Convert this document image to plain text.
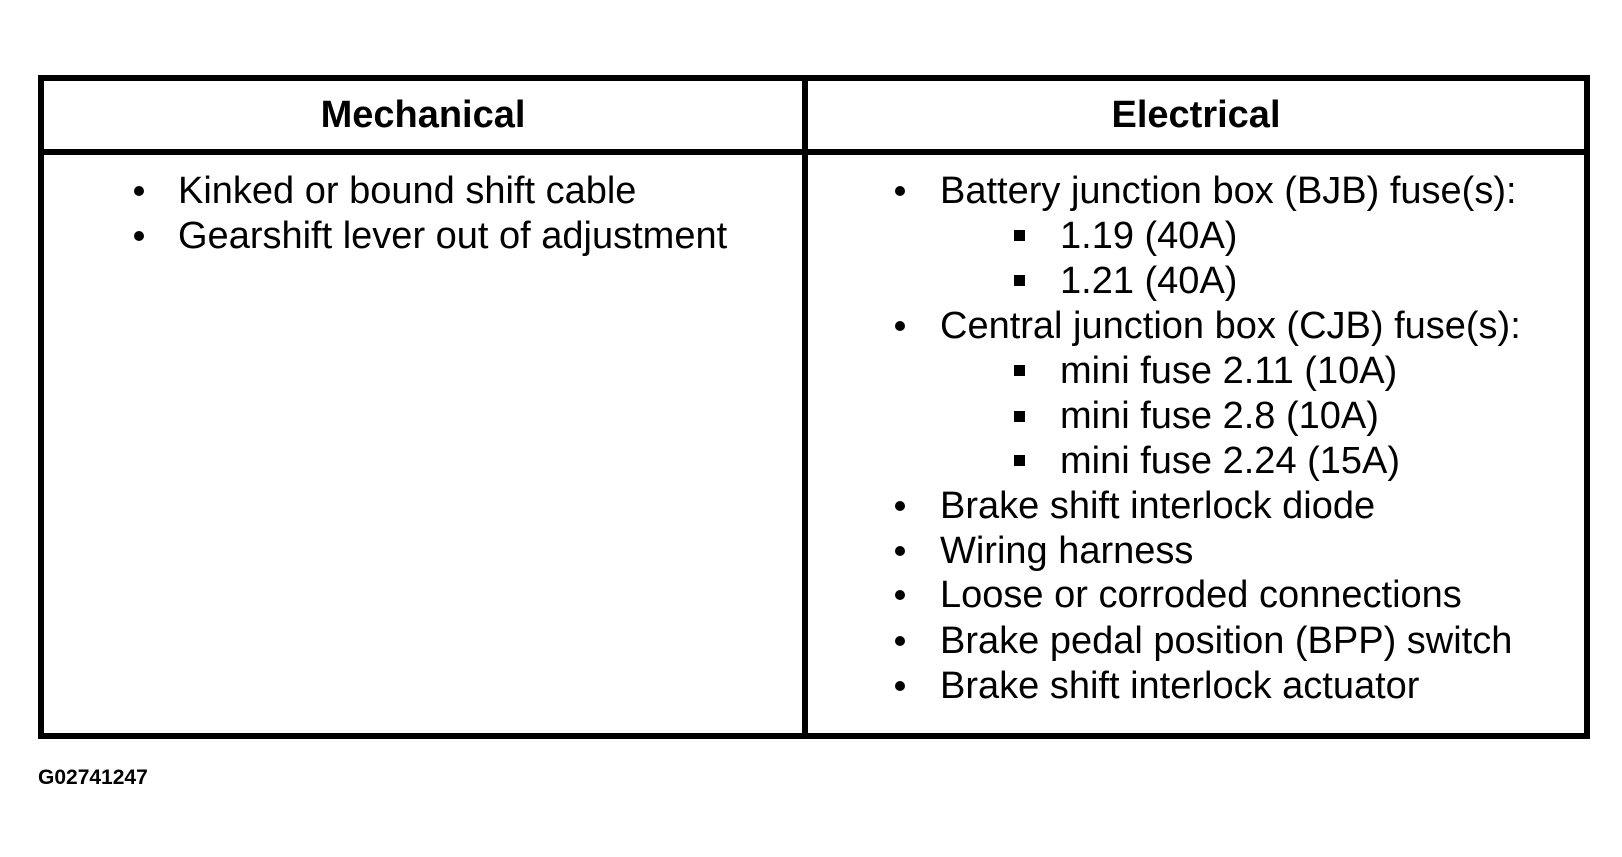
Mechanical	Electrical
Kinked or bound shift cable
Gearshift lever out of adjustment
Battery junction box (BJB) fuse(s):
1.19 (40A)
1.21 (40A)
Central junction box (CJB) fuse(s):
mini fuse 2.11 (10A)
mini fuse 2.8 (10A)
mini fuse 2.24 (15A)
Brake shift interlock diode
Wiring harness
Loose or corroded connections
Brake pedal position (BPP) switch
Brake shift interlock actuator
G02741247
